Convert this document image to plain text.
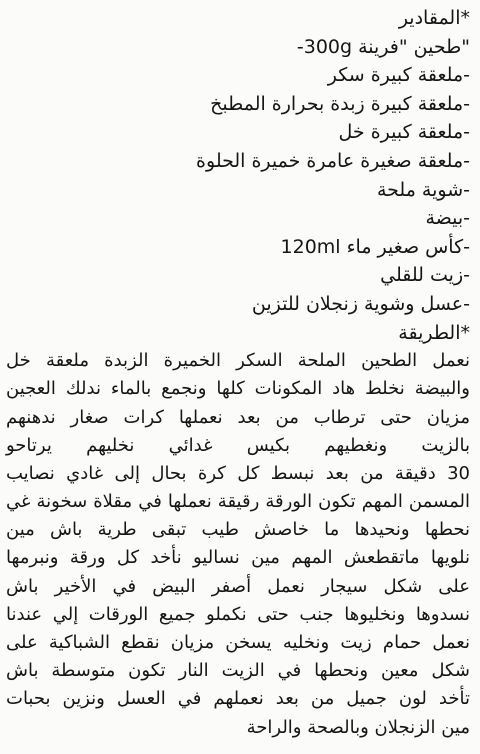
*المقادير
"طحين "فرينة 300g-
-ملعقة كبيرة سكر
-ملعقة كبيرة زبدة بحرارة المطبخ
-ملعقة كبيرة خل
-ملعقة صغيرة عامرة خميرة الحلوة
-شوية ملحة
-بيضة
-كأس صغير ماء 120ml
-زيت للقلي
-عسل وشوية زنجلان للتزين
*الطريقة
نعمل الطحين الملحة السكر الخميرة الزبدة ملعقة خل
والبيضة نخلط هاد المكونات كلها ونجمع بالماء ندلك العجين
مزيان حتى ترطاب من بعد نعملها كرات صغار ندهنهم
بالزيت ونغطيهم بكيس غدائي نخليهم يرتاحو
30 دقيقة من بعد نبسط كل كرة بحال إلى غادي نصايب
المسمن المهم تكون الورقة رقيقة نعملها في مقلاة سخونة غي
نحطها ونحيدها ما خاصش طيب تبقى طرية باش مين
نلويها ماتقطعش المهم مين نساليو نأخد كل ورقة ونبرمها
على شكل سيجار نعمل أصفر البيض في الأخير باش
نسدوها ونخليوها جنب حتى نكملو جميع الورقات إلي عندنا
نعمل حمام زيت ونخليه يسخن مزيان نقطع الشباكية على
شكل معين ونحطها في الزيت النار تكون متوسطة باش
تأخد لون جميل من بعد نعملهم في العسل ونزين بحبات
مين الزنجلان وبالصحة والراحة
